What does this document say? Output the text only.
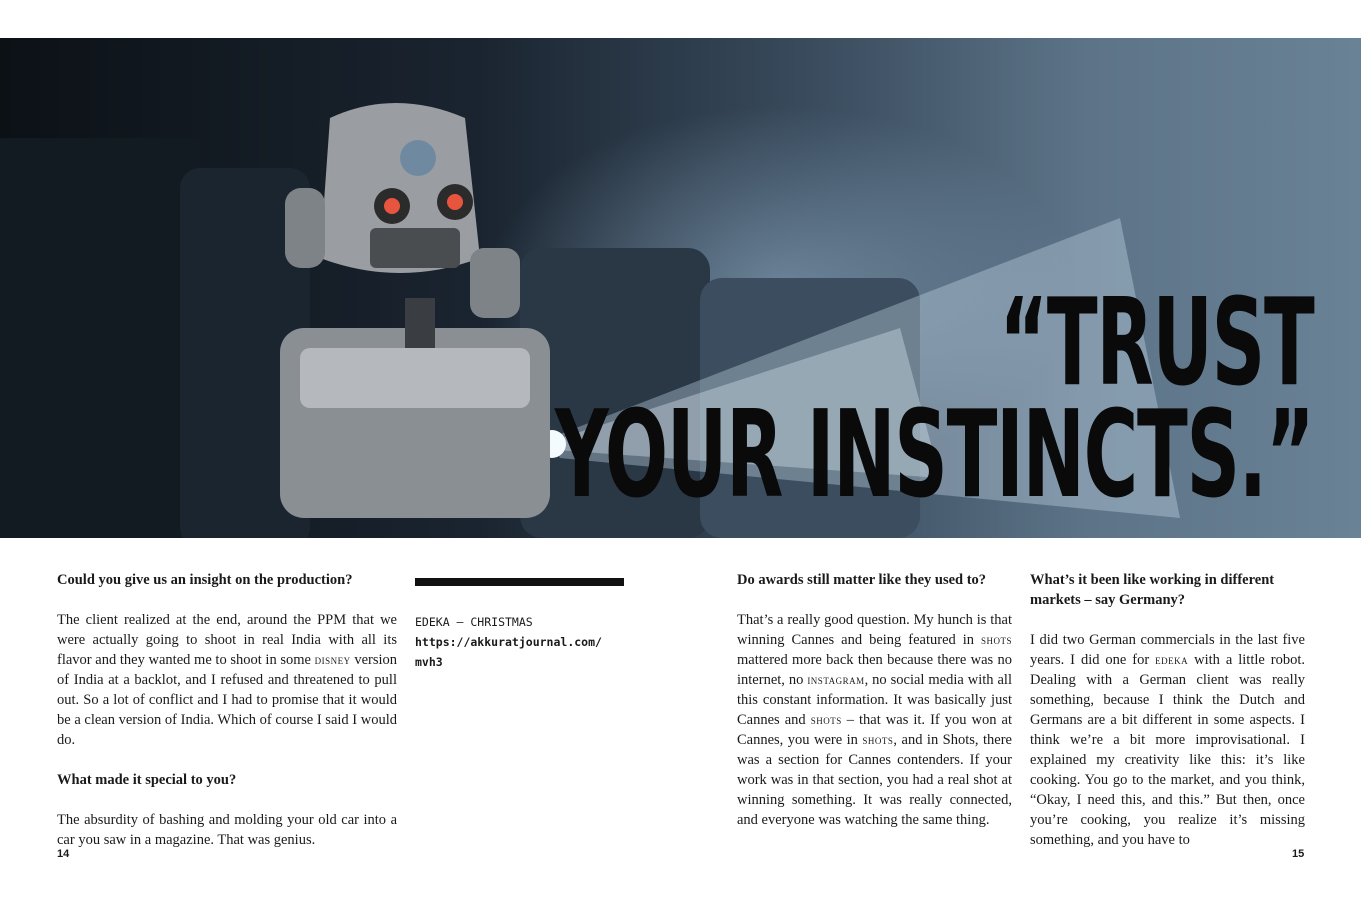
“TRUST
YOUR INSTINCTS.”

Could you give us an insight on the production?

The client realized at the end, around the PPM that we were actually going to shoot in real India with all its flavor and they wanted me to shoot in some disney version of India at a backlot, and I refused and threatened to pull out. So a lot of conflict and I had to promise that it would be a clean version of India. Which of course I said I would do.

What made it special to you?

The absurdity of bashing and molding your old car into a car you saw in a magazine. That was genius.

EDEKA – CHRISTMAS
https://akkuratjournal.com/
mvh3

Do awards still matter like they used to?

That’s a really good question. My hunch is that winning Cannes and being featured in shots mattered more back then because there was no internet, no instagram, no social media with all this constant information. It was basically just Cannes and shots – that was it. If you won at Cannes, you were in shots, and in Shots, there was a section for Cannes contenders. If your work was in that section, you had a real shot at winning something. It was really connected, and everyone was watching the same thing.

What’s it been like working in different markets – say Germany?

I did two German commercials in the last five years. I did one for edeka with a little robot. Dealing with a German client was really something, because I think the Dutch and Germans are a bit different in some aspects. I think we’re a bit more improvisational. I explained my creativity like this: it’s like cooking. You go to the market, and you think, “Okay, I need this, and this.” But then, once you’re cooking, you realize it’s missing something, and you have to

14	15
